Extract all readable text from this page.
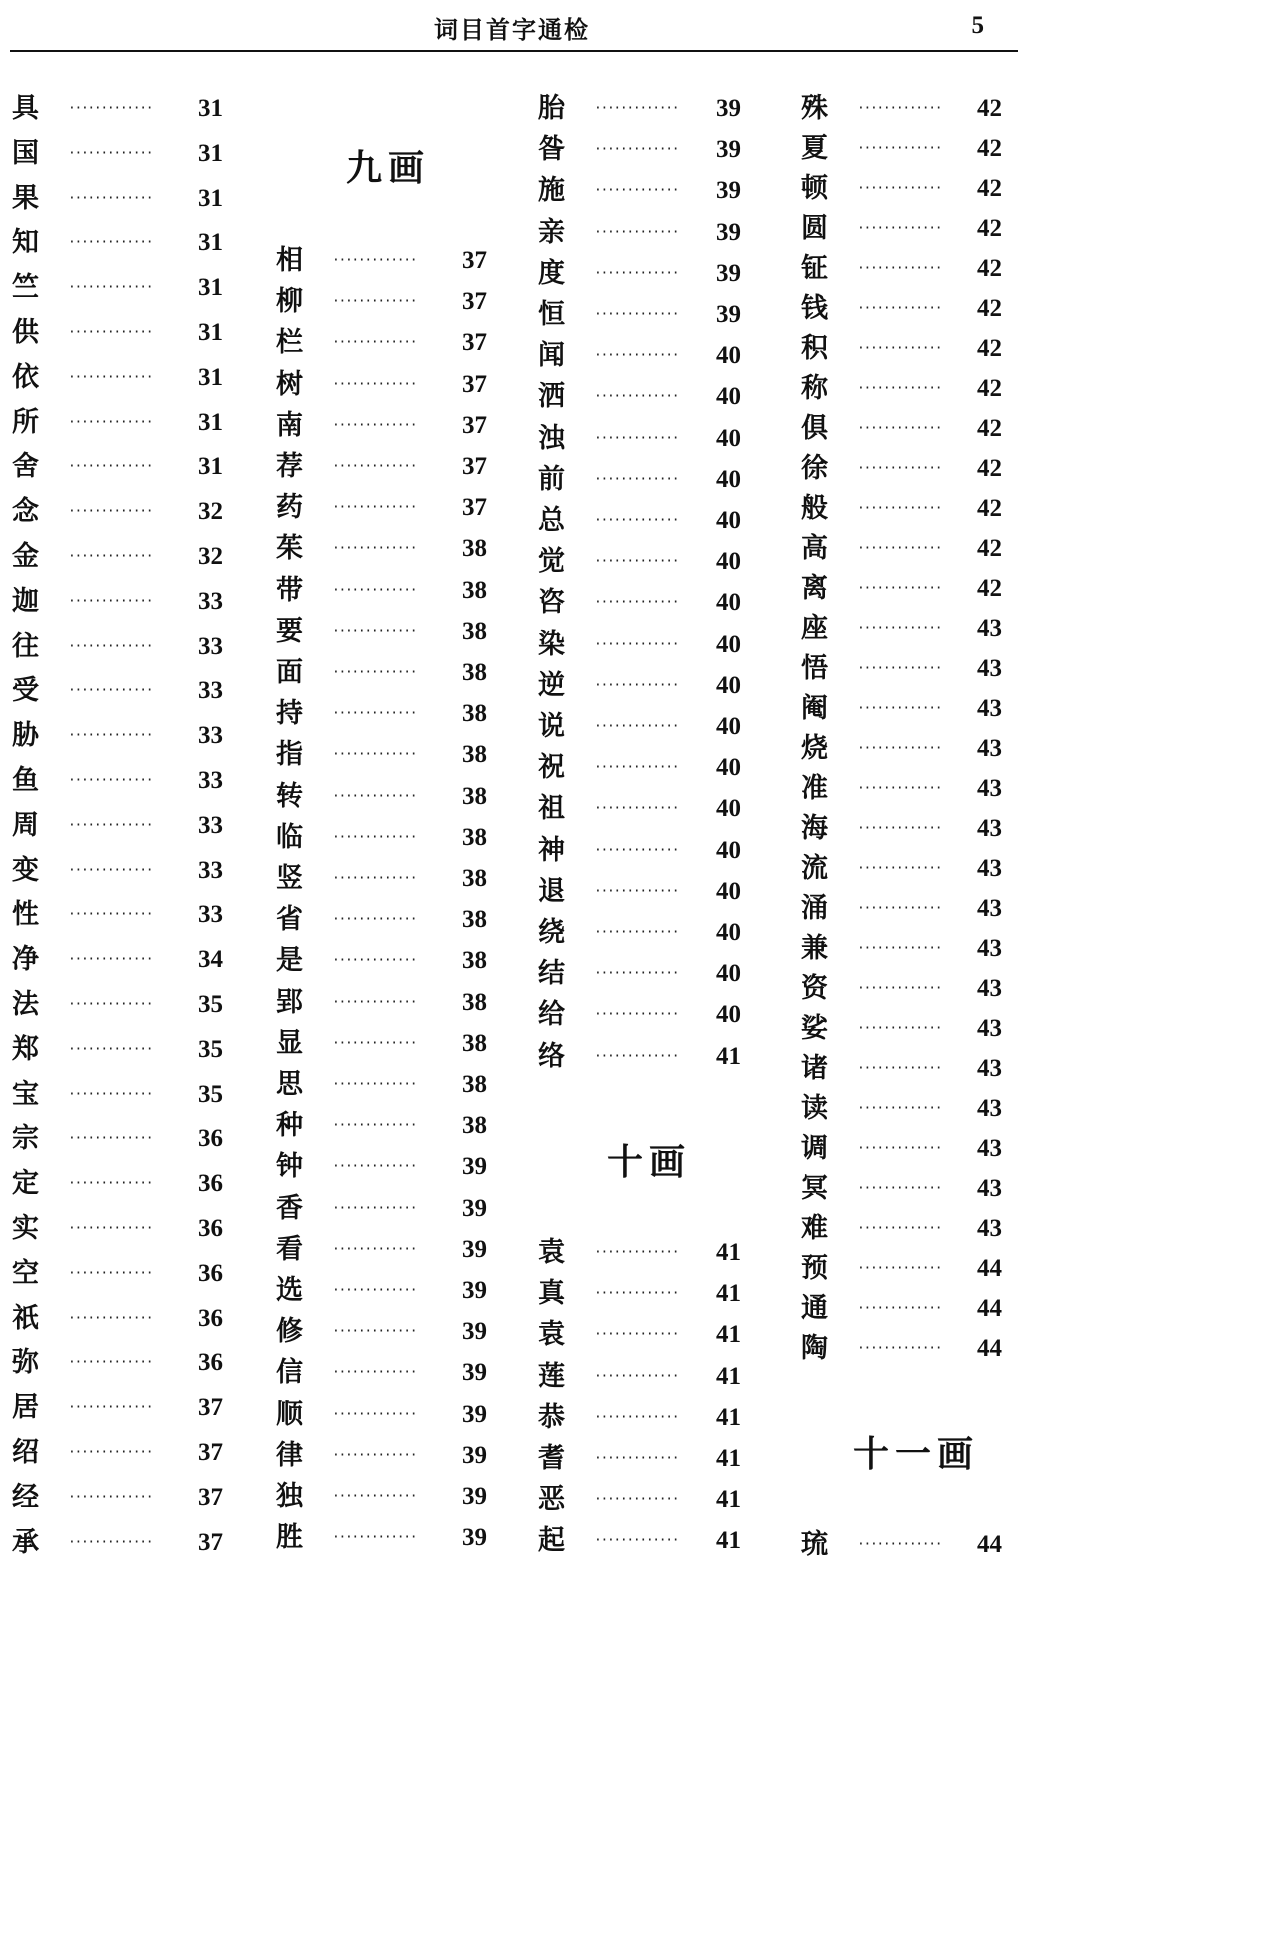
词目首字通检	5
九画
十画
十一画
具 ·············	31
国 ·············	31
果 ·············	31
知 ·············	31
竺 ·············	31
供 ·············	31
依 ·············	31
所 ·············	31
舍 ·············	31
念 ·············	32
金 ·············	32
迦 ·············	33
往 ·············	33
受 ·············	33
胁 ·············	33
鱼 ·············	33
周 ·············	33
变 ·············	33
性 ·············	33
净 ·············	34
法 ·············	35
郑 ·············	35
宝 ·············	35
宗 ·············	36
定 ·············	36
实 ·············	36
空 ·············	36
祇 ·············	36
弥 ·············	36
居 ·············	37
绍 ·············	37
经 ·············	37
承 ·············	37
相 ·············	37
柳 ·············	37
栏 ·············	37
树 ·············	37
南 ·············	37
荐 ·············	37
药 ·············	37
茱 ·············	38
带 ·············	38
要 ·············	38
面 ·············	38
持 ·············	38
指 ·············	38
转 ·············	38
临 ·············	38
竖 ·············	38
省 ·············	38
是 ·············	38
郢 ·············	38
显 ·············	38
思 ·············	38
种 ·············	38
钟 ·············	39
香 ·············	39
看 ·············	39
选 ·············	39
修 ·············	39
信 ·············	39
顺 ·············	39
律 ·············	39
独 ·············	39
胜 ·············	39
胎 ·············	39
昝 ·············	39
施 ·············	39
亲 ·············	39
度 ·············	39
恒 ·············	39
闻 ·············	40
洒 ·············	40
浊 ·············	40
前 ·············	40
总 ·············	40
觉 ·············	40
咨 ·············	40
染 ·············	40
逆 ·············	40
说 ·············	40
祝 ·············	40
祖 ·············	40
神 ·············	40
退 ·············	40
绕 ·············	40
结 ·············	40
给 ·············	40
络 ·············	41
袁 ·············	41
真 ·············	41
袁 ·············	41
莲 ·············	41
恭 ·············	41
耆 ·············	41
恶 ·············	41
起 ·············	41
殊 ·············	42
夏 ·············	42
顿 ·············	42
圆 ·············	42
钲 ·············	42
钱 ·············	42
积 ·············	42
称 ·············	42
俱 ·············	42
徐 ·············	42
般 ·············	42
高 ·············	42
离 ·············	42
座 ·············	43
悟 ·············	43
阉 ·············	43
烧 ·············	43
准 ·············	43
海 ·············	43
流 ·············	43
涌 ·············	43
兼 ·············	43
资 ·············	43
娑 ·············	43
诸 ·············	43
读 ·············	43
调 ·············	43
冥 ·············	43
难 ·············	43
预 ·············	44
通 ·············	44
陶 ·············	44
琉 ·············	44
